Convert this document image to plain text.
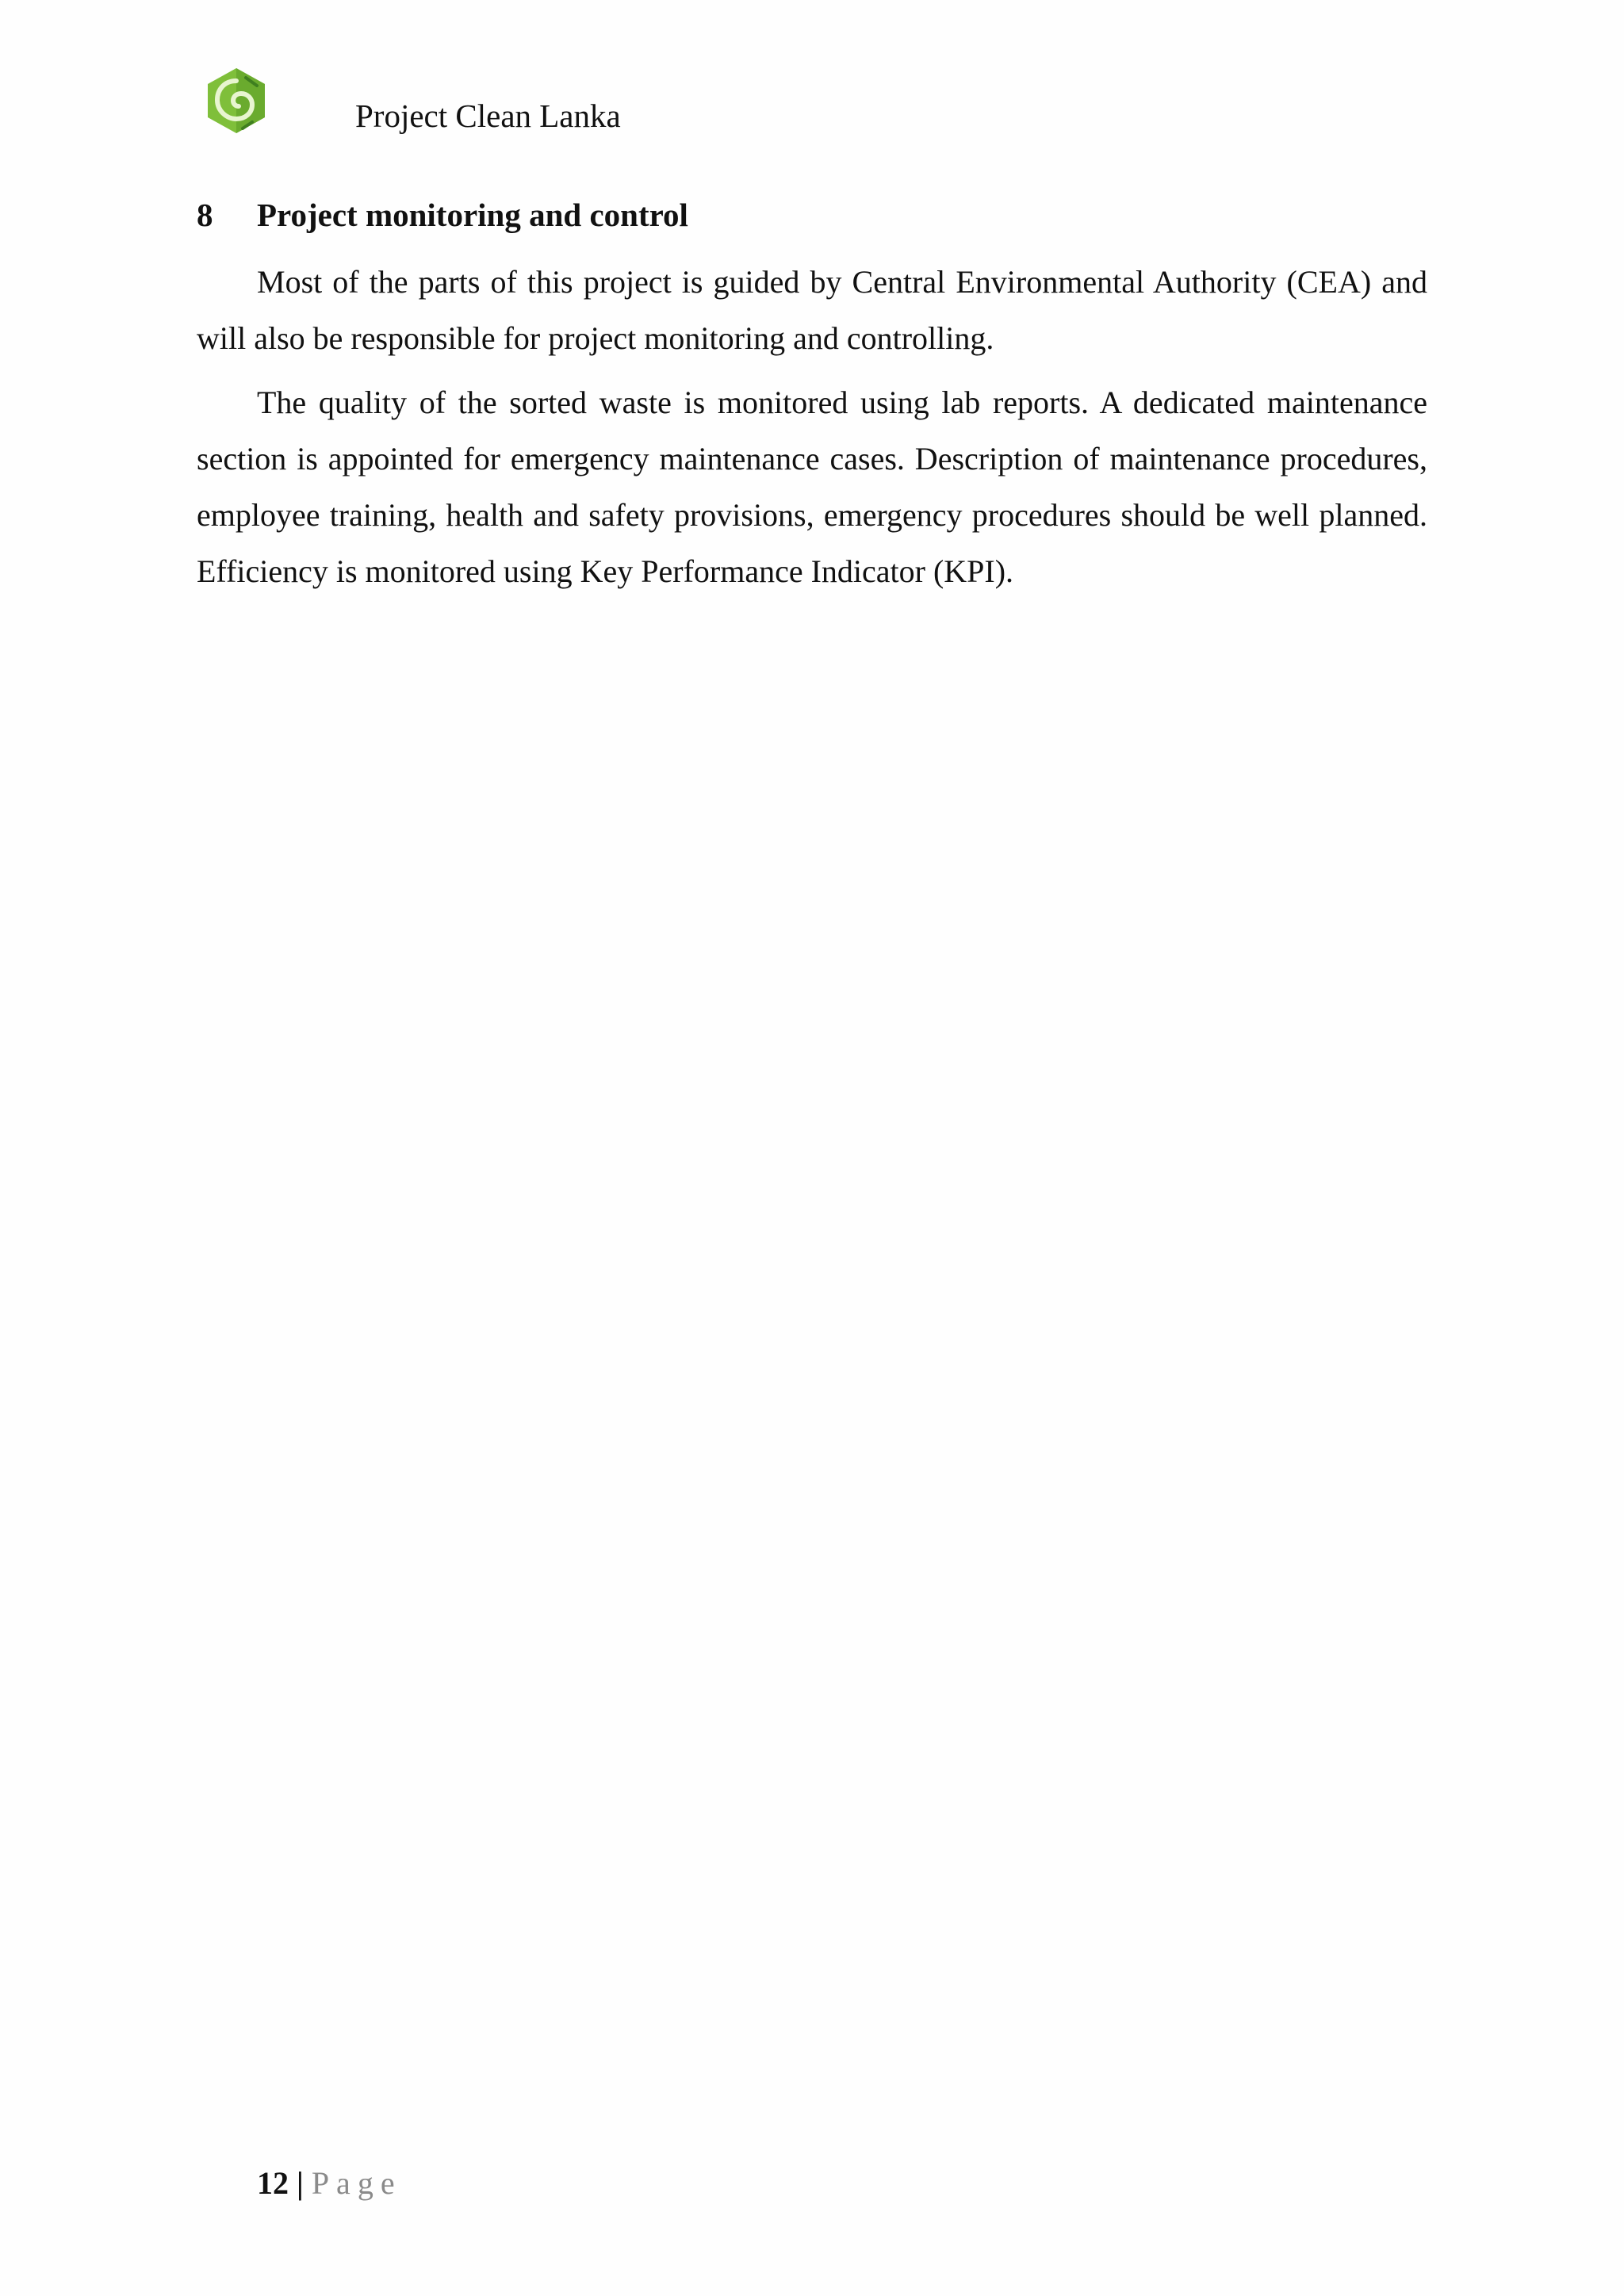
Project Clean Lanka
8 Project monitoring and control

Most of the parts of this project is guided by Central Environmental Authority (CEA) and will also be responsible for project monitoring and controlling.

The quality of the sorted waste is monitored using lab reports. A dedicated maintenance section is appointed for emergency maintenance cases. Description of maintenance procedures, employee training, health and safety provisions, emergency procedures should be well planned. Efficiency is monitored using Key Performance Indicator (KPI).

12 | Page
